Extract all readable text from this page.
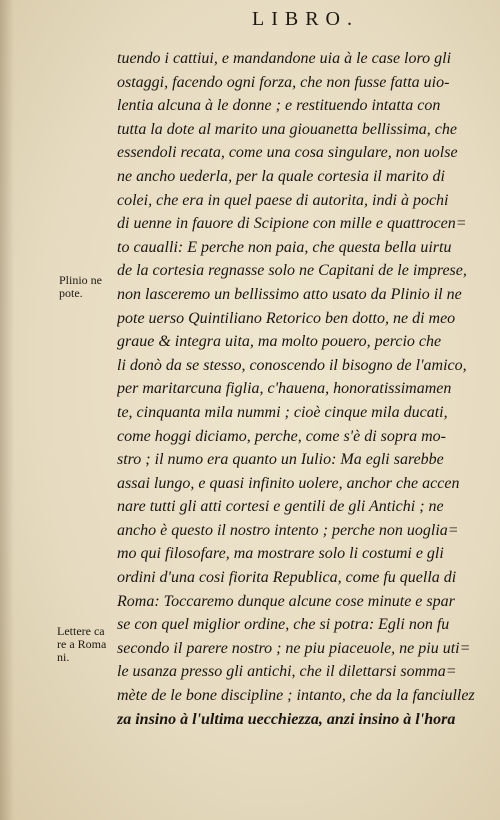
LIBRO.
Plinio ne
pote.
Lettere ca
re a Roma
ni.
tuendo i cattiui, e mandandone uia à le case loro gli
ostaggi, facendo ogni forza, che non fusse fatta uio-
lentia alcuna à le donne ; e restituendo intatta con
tutta la dote al marito una giouanetta bellissima, che
essendoli recata, come una cosa singulare, non uolse
ne ancho uederla, per la quale cortesia il marito di
colei, che era in quel paese di autorita, indi à pochi
di uenne in fauore di Scipione con mille e quattrocen=
to caualli: E perche non paia, che questa bella uirtu
de la cortesia regnasse solo ne Capitani de le imprese,
non lasceremo un bellissimo atto usato da Plinio il ne
pote uerso Quintiliano Retorico ben dotto, ne di meo
graue & integra uita, ma molto pouero, percio che
li donò da se stesso, conoscendo il bisogno de l'amico,
per maritarcuna figlia, c'hauena, honoratissimamen
te, cinquanta mila nummi ; cioè cinque mila ducati,
come hoggi diciamo, perche, come s'è di sopra mo-
stro ; il numo era quanto un Iulio: Ma egli sarebbe
assai lungo, e quasi infinito uolere, anchor che accen
nare tutti gli atti cortesi e gentili de gli Antichi ; ne
ancho è questo il nostro intento ; perche non uoglia=
mo qui filosofare, ma mostrare solo li costumi e gli
ordini d'una cosi fiorita Republica, come fu quella di
Roma: Toccaremo dunque alcune cose minute e spar
se con quel miglior ordine, che si potra: Egli non fu
secondo il parere nostro ; ne piu piaceuole, ne piu uti=
le usanza presso gli antichi, che il dilettarsi somma=
mète de le bone discipline ; intanto, che da la fanciullez
za insino à l'ultima uecchiezza, anzi insino à l'hora
